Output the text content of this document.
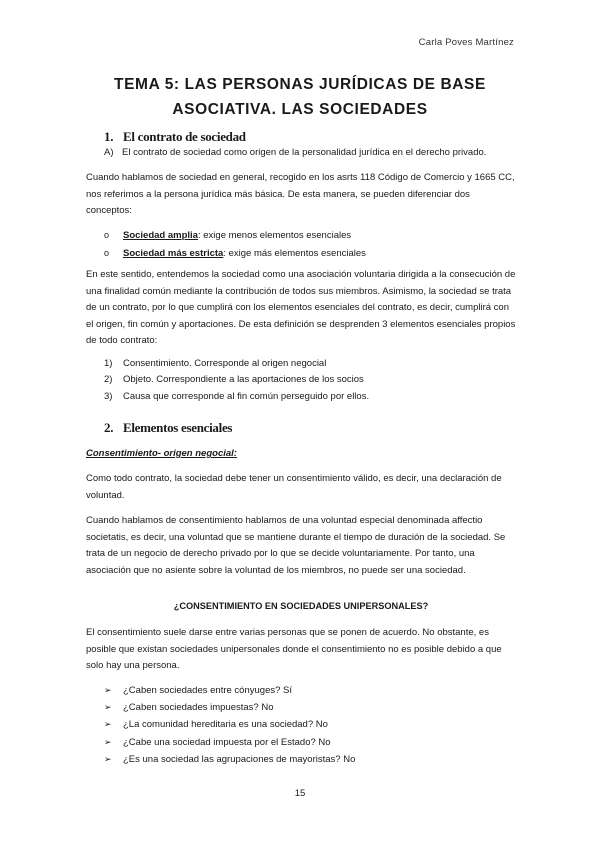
Carla Poves Martínez
TEMA 5: LAS PERSONAS JURÍDICAS DE BASE
ASOCIATIVA. LAS SOCIEDADES
1. El contrato de sociedad
A) El contrato de sociedad como origen de la personalidad jurídica en el derecho privado.

Cuando hablamos de sociedad en general, recogido en los asrts 118 Código de Comercio y 1665 CC, nos referimos a la persona jurídica más básica. De esta manera, se pueden diferenciar dos conceptos:

o	Sociedad amplia: exige menos elementos esenciales
o	Sociedad más estricta: exige más elementos esenciales

En este sentido, entendemos la sociedad como una asociación voluntaria dirigida a la consecución de una finalidad común mediante la contribución de todos sus miembros. Asimismo, la sociedad se trata de un contrato, por lo que cumplirá con los elementos esenciales del contrato, es decir, cumplirá con el origen, fin común y aportaciones. De esta definición se desprenden 3 elementos esenciales propios de todo contrato:

1)	Consentimiento. Corresponde al origen negocial
2)	Objeto. Correspondiente a las aportaciones de los socios
3)	Causa que corresponde al fin común perseguido por ellos.
2. Elementos esenciales
Consentimiento- origen negocial:

Como todo contrato, la sociedad debe tener un consentimiento válido, es decir, una declaración de voluntad.

Cuando hablamos de consentimiento hablamos de una voluntad especial denominada affectio societatis, es decir, una voluntad que se mantiene durante el tiempo de duración de la sociedad. Se trata de un negocio de derecho privado por lo que se decide voluntariamente. Por tanto, una asociación que no asiente sobre la voluntad de los miembros, no puede ser una sociedad.

¿CONSENTIMIENTO EN SOCIEDADES UNIPERSONALES?

El consentimiento suele darse entre varias personas que se ponen de acuerdo. No obstante, es posible que existan sociedades unipersonales donde el consentimiento no es posible debido a que solo hay una persona.

➢	¿Caben sociedades entre cónyuges? Sí
➢	¿Caben sociedades impuestas? No
➢	¿La comunidad hereditaria es una sociedad? No
➢	¿Cabe una sociedad impuesta por el Estado? No
➢	¿Es una sociedad las agrupaciones de mayoristas? No
15
